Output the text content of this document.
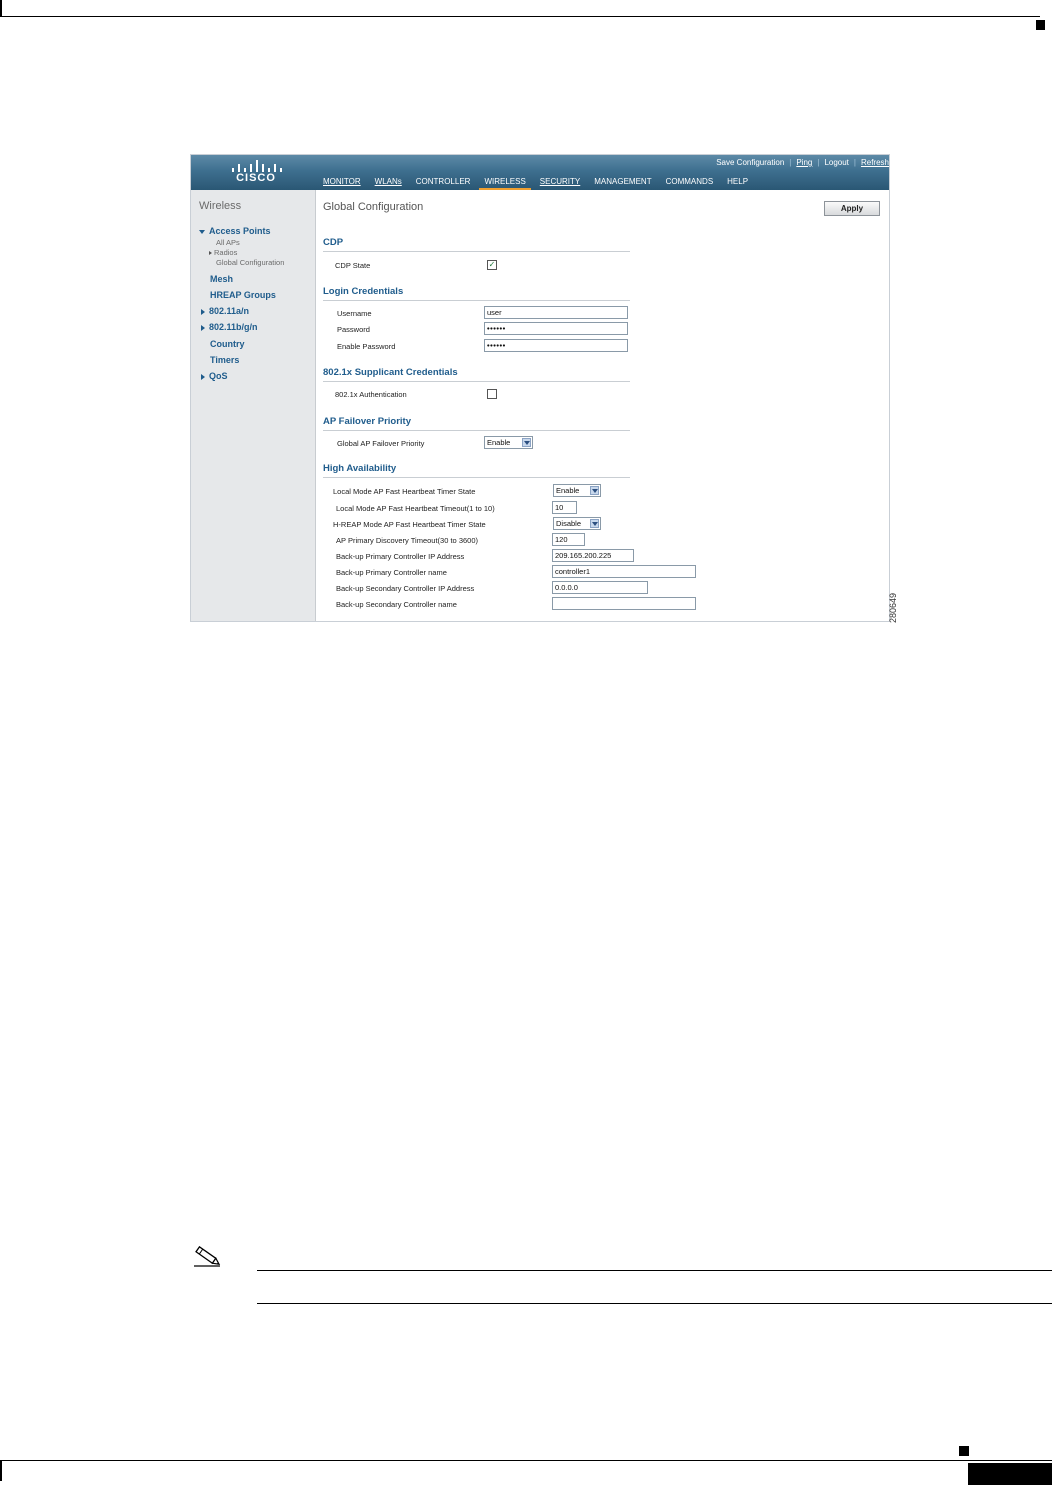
CISCO
Save Configuration | Ping | Logout | Refresh
MONITOR WLANs CONTROLLER WIRELESS SECURITY MANAGEMENT COMMANDS HELP
Wireless
Access Points
All APs
Radios
Global Configuration
Mesh
HREAP Groups
802.11a/n
802.11b/g/n
Country
Timers
QoS
Global Configuration	Apply
CDP
CDP State	✓
Login Credentials
Username	user
Password	••••••
Enable Password	••••••
802.1x Supplicant Credentials
802.1x Authentication
AP Failover Priority
Global AP Failover Priority	Enable
High Availability
Local Mode AP Fast Heartbeat Timer State	Enable
Local Mode AP Fast Heartbeat Timeout(1 to 10)	10
H-REAP Mode AP Fast Heartbeat Timer State	Disable
AP Primary Discovery Timeout(30 to 3600)	120
Back-up Primary Controller IP Address	209.165.200.225
Back-up Primary Controller name	controller1
Back-up Secondary Controller IP Address	0.0.0.0
Back-up Secondary Controller name	280649
